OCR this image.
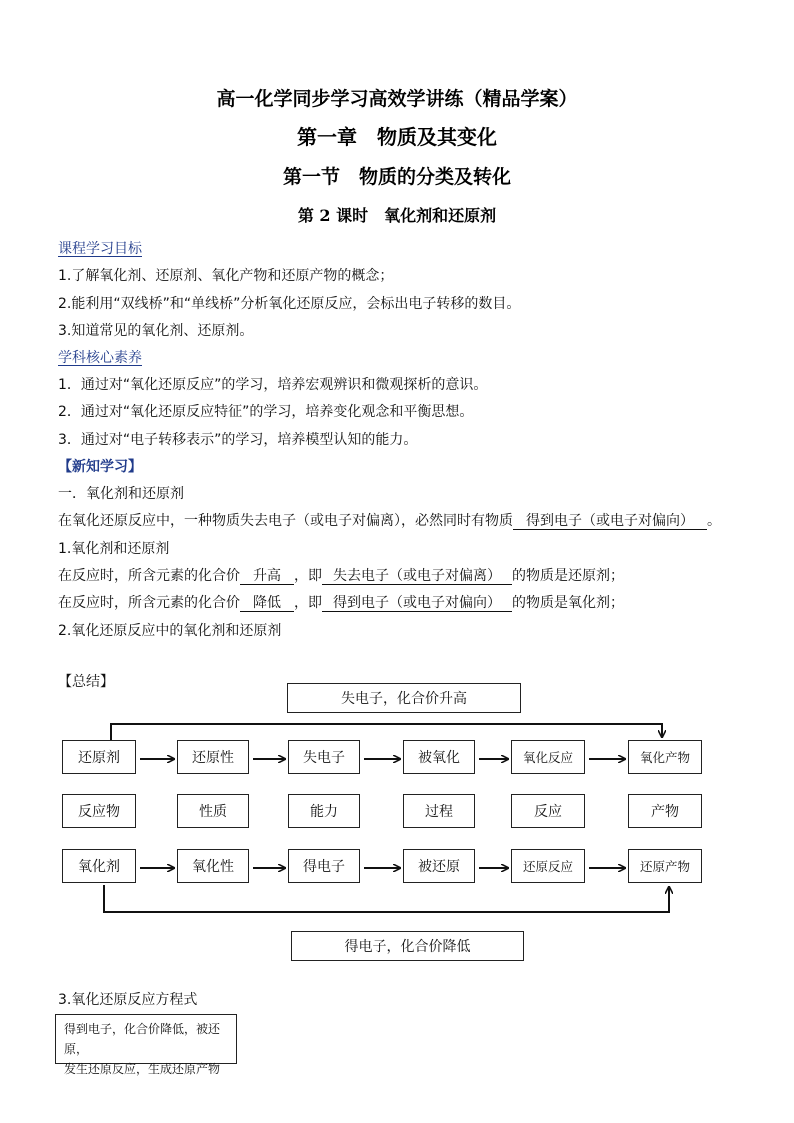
高一化学同步学习高效学讲练（精品学案）
第一章　物质及其变化
第一节　物质的分类及转化
第 2 课时　氧化剂和还原剂
课程学习目标
1.了解氧化剂、还原剂、氧化产物和还原产物的概念；
2.能利用“双线桥”和“单线桥”分析氧化还原反应，会标出电子转移的数目。
3.知道常见的氧化剂、还原剂。
学科核心素养
1．通过对“氧化还原反应”的学习，培养宏观辨识和微观探析的意识。
2．通过对“氧化还原反应特征”的学习，培养变化观念和平衡思想。
3．通过对“电子转移表示”的学习，培养模型认知的能力。
【新知学习】
一．氧化剂和还原剂
在氧化还原反应中，一种物质失去电子（或电子对偏离），必然同时有物质 得到电子（或电子对偏向） 。
1.氧化剂和还原剂
在反应时，所含元素的化合价 升高 ，即 失去电子（或电子对偏离） 的物质是还原剂；
在反应时，所含元素的化合价 降低 ，即 得到电子（或电子对偏向） 的物质是氧化剂；
2.氧化还原反应中的氧化剂和还原剂
【总结】
失电子，化合价升高
得电子，化合价降低
还原剂	还原性	失电子	被氧化	氧化反应	氧化产物
反应物	性质	能力	过程	反应	产物
氧化剂	氧化性	得电子	被还原	还原反应	还原产物
3.氧化还原反应方程式
得到电子，化合价降低，被还原，
发生还原反应，生成还原产物
